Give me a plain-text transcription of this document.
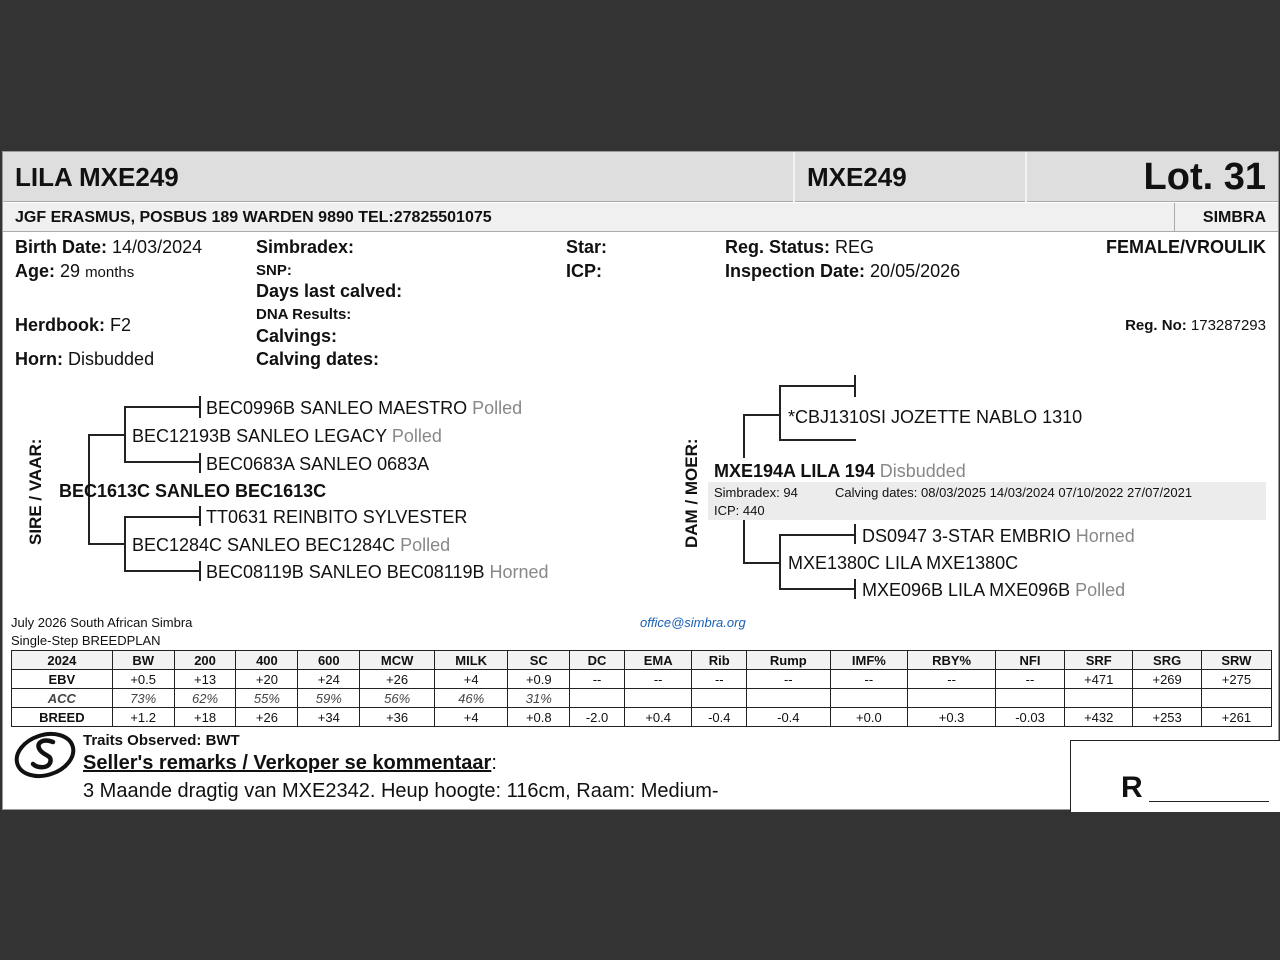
LILA MXE249	MXE249	Lot. 31
JGF ERASMUS, POSBUS 189 WARDEN 9890 TEL:27825501075	SIMBRA
Birth Date: 14/03/2024
Age: 29 months
Herdbook: F2
Horn: Disbudded
Simbradex:
SNP:
Days last calved:
DNA Results:
Calvings:
Calving dates:
Star:
ICP:
Reg. Status: REG
Inspection Date: 20/05/2026
FEMALE/VROULIK
Reg. No: 173287293
SIRE / VAAR:
BEC0996B SANLEO MAESTRO Polled
BEC12193B SANLEO LEGACY Polled
BEC0683A SANLEO 0683A
BEC1613C SANLEO BEC1613C
TT0631 REINBITO SYLVESTER
BEC1284C SANLEO BEC1284C Polled
BEC08119B SANLEO BEC08119B Horned
DAM / MOER:
*CBJ1310SI JOZETTE NABLO 1310
MXE194A LILA 194 Disbudded
Simbradex: 94	Calving dates: 08/03/2025 14/03/2024 07/10/2022 27/07/2021
ICP: 440
DS0947 3-STAR EMBRIO Horned
MXE1380C LILA MXE1380C
MXE096B LILA MXE096B Polled
July 2026 South African Simbra
Single-Step BREEDPLAN
office@simbra.org
2024	BW	200	400	600	MCW	MILK	SC	DC	EMA	Rib	Rump	IMF%	RBY%	NFI	SRF	SRG	SRW
EBV	+0.5	+13	+20	+24	+26	+4	+0.9	--	--	--	--	--	--	--	+471	+269	+275
ACC	73%	62%	55%	59%	56%	46%	31%										
BREED	+1.2	+18	+26	+34	+36	+4	+0.8	-2.0	+0.4	-0.4	-0.4	+0.0	+0.3	-0.03	+432	+253	+261
Traits Observed: BWT
Seller's remarks / Verkoper se kommentaar:
3 Maande dragtig van MXE2342. Heup hoogte: 116cm, Raam: Medium-	R
